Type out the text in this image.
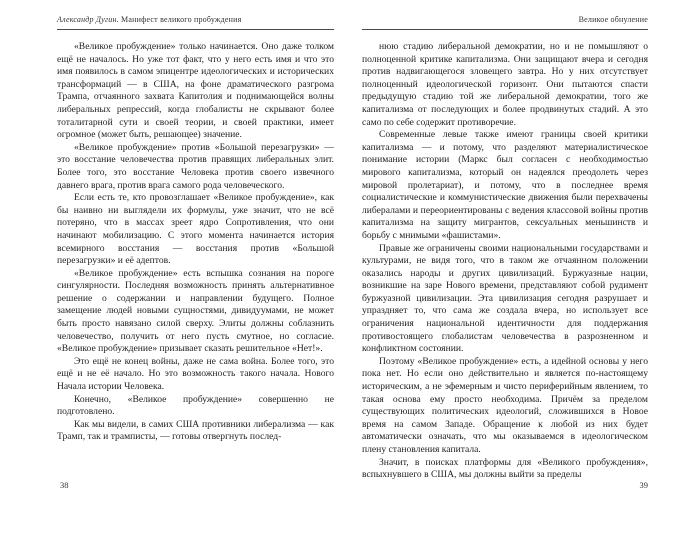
Александр Дугин. Манифест великого пробуждения

«Великое пробуждение» только начинается. Оно даже толком ещё не началось. Но уже тот факт, что у него есть имя и что это имя появилось в самом эпицентре идеологических и исторических трансформаций — в США, на фоне драматического разгрома Трампа, отчаянного захвата Капитолия и поднимающейся волны либеральных репрессий, когда глобалисты не скрывают более тоталитарной сути и своей теории, и своей практики, имеет огромное (может быть, решающее) значение.

«Великое пробуждение» против «Большой перезагрузки» — это восстание человечества против правящих либеральных элит. Более того, это восстание Человека против своего извечного давнего врага, против врага самого рода человеческого.

Если есть те, кто провозглашает «Великое пробуждение», как бы наивно ни выглядели их формулы, уже значит, что не всё потеряно, что в массах зреет ядро Сопротивления, что они начинают мобилизацию. С этого момента начинается история всемирного восстания — восстания против «Большой перезагрузки» и её адептов.

«Великое пробуждение» есть вспышка сознания на пороге сингулярности. Последняя возможность принять альтернативное решение о содержании и направлении будущего. Полное замещение людей новыми сущностями, дивидуумами, не может быть просто навязано силой сверху. Элиты должны соблазнить человечество, получить от него пусть смутное, но согласие. «Великое пробуждение» призывает сказать решительное «Нет!».

Это ещё не конец войны, даже не сама война. Более того, это ещё и не её начало. Но это возможность такого начала. Нового Начала истории Человека.

Конечно, «Великое пробуждение» совершенно не подготовлено.

Как мы видели, в самих США противники либерализма — как Трамп, так и трамписты, — готовы отвергнуть послед-

Великое обнуление

нюю стадию либеральной демократии, но и не помышляют о полноценной критике капитализма. Они защищают вчера и сегодня против надвигающегося зловещего завтра. Но у них отсутствует полноценный идеологической горизонт. Они пытаются спасти предыдущую стадию той же либеральной демократии, того же капитализма от последующих и более продвинутых стадий. А это само по себе содержит противоречие.

Современные левые также имеют границы своей критики капитализма — и потому, что разделяют материалистическое понимание истории (Маркс был согласен с необходимостью мирового капитализма, который он надеялся преодолеть через мировой пролетариат), и потому, что в последнее время социалистические и коммунистические движения были перехвачены либералами и переориентированы с ведения классовой войны против капитализма на защиту мигрантов, сексуальных меньшинств и борьбу с мнимыми «фашистами».

Правые же ограничены своими национальными государствами и культурами, не видя того, что в таком же отчаянном положении оказались народы и других цивилизаций. Буржуазные нации, возникшие на заре Нового времени, представляют собой рудимент буржуазной цивилизации. Эта цивилизация сегодня разрушает и упраздняет то, что сама же создала вчера, но использует все ограничения национальной идентичности для поддержания противостоящего глобалистам человечества в разрозненном и конфликтном состоянии.

Поэтому «Великое пробуждение» есть, а идейной основы у него пока нет. Но если оно действительно и является по-настоящему историческим, а не эфемерным и чисто периферийным явлением, то такая основа ему просто необходима. Причём за пределом существующих политических идеологий, сложившихся в Новое время на самом Западе. Обращение к любой из них будет автоматически означать, что мы оказываемся в идеологическом плену становления капитала.

Значит, в поисках платформы для «Великого пробуждения», вспыхнувшего в США, мы должны выйти за пределы

38	39
